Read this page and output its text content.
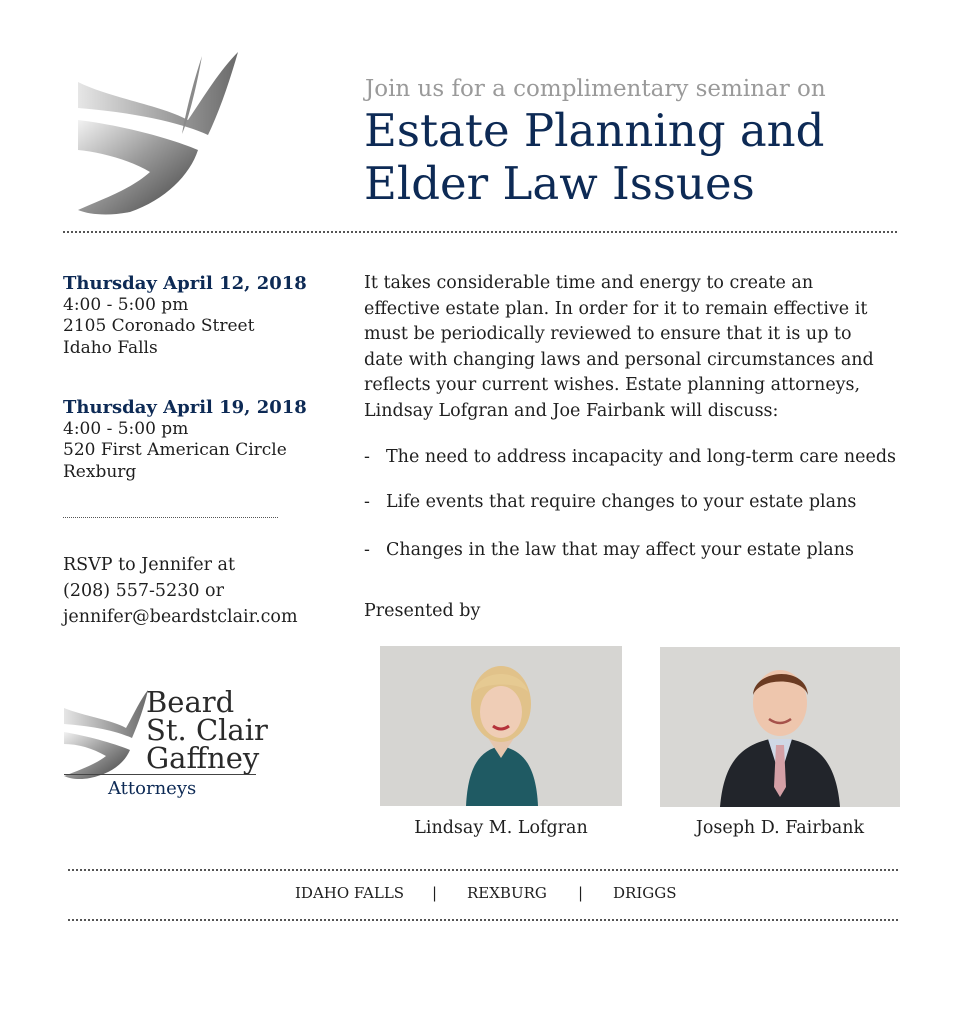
Join us for a complimentary seminar on
Estate Planning and
Elder Law Issues
Thursday April 12, 2018
4:00 - 5:00 pm
2105 Coronado Street
Idaho Falls
Thursday April 19, 2018
4:00 - 5:00 pm
520 First American Circle
Rexburg
RSVP to Jennifer at
(208) 557-5230 or
jennifer@beardstclair.com
Beard
St. Clair
Gaffney
Attorneys
It takes considerable time and energy to create an effective estate plan. In order for it to remain effective it must be periodically reviewed to ensure that it is up to date with changing laws and personal circumstances and reflects your current wishes. Estate planning attorneys, Lindsay Lofgran and Joe Fairbank will discuss:
- The need to address incapacity and long-term care needs
- Life events that require changes to your estate plans
- Changes in the law that may affect your estate plans
Presented by
Lindsay M. Lofgran	Joseph D. Fairbank
IDAHO FALLS | REXBURG | DRIGGS
